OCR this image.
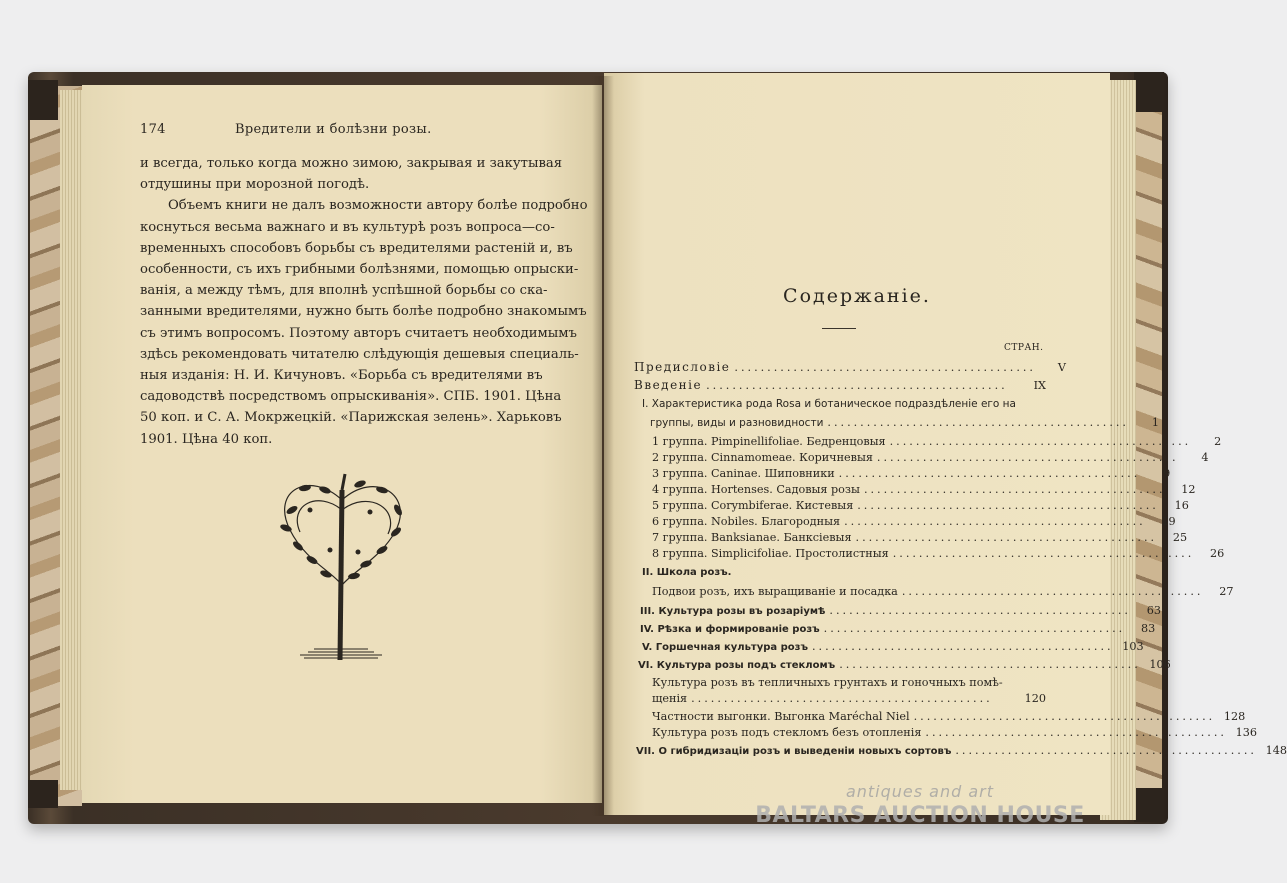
174	Вредители и болѣзни розы.
и всегда, только когда можно зимою, закрывая и закутывая
отдушины при морозной погодѣ.
Объемъ книги не далъ возможности автору болѣе подробно
коснуться весьма важнаго и въ культурѣ розъ вопроса—со-
временныхъ способовъ борьбы съ вредителями растеній и, въ
особенности, съ ихъ грибными болѣзнями, помощью опрыски-
ванія, а между тѣмъ, для вполнѣ успѣшной борьбы со ска-
занными вредителями, нужно быть болѣе подробно знакомымъ
съ этимъ вопросомъ. Поэтому авторъ считаетъ необходимымъ
здѣсь рекомендовать читателю слѣдующія дешевыя специаль-
ныя изданія: Н. И. Кичуновъ. «Борьба съ вредителями въ
садоводствѣ посредствомъ опрыскиванія». СПБ. 1901. Цѣна
50 коп. и С. А. Мокржецкій. «Парижская зелень». Харьковъ
1901. Цѣна 40 коп.
Содержаніе.
СТРАН.
Предисловіе ..............................................	V
Введеніе ..............................................	IX
I. Характеристика рода Rosa и ботаническое подраздѣленіе его на
группы, виды и разновидности ..............................................	1
1 группа. Pimpinellifoliae. Бедренцовыя ..............................................	2
2 группа. Cinnamomeae. Коричневыя ..............................................	4
3 группа. Caninae. Шиповники ..............................................	9
4 группа. Hortenses. Садовыя розы ..............................................	12
5 группа. Corymbiferae. Кистевыя ..............................................	16
6 группа. Nobiles. Благородныя ..............................................	19
7 группа. Banksianae. Банксіевыя ..............................................	25
8 группа. Simplicifoliae. Простолистныя ..............................................	26
II. Школа розъ.
Подвои розъ, ихъ выращиваніе и посадка ..............................................	27
III. Культура розы въ розаріумѣ ..............................................	63
IV. Рѣзка и формированіе розъ ..............................................	83
V. Горшечная культура розъ .............................................. 103
VI. Культура розы подъ стекломъ .............................................. 106
Культура розъ въ тепличныхъ грунтахъ и гоночныхъ помѣ-
щенія ..............................................	120
Частности выгонки. Выгонка Maréchal Niel .............................................. 128
Культура розъ подъ стекломъ безъ отопленія .............................................. 136
VII. О гибридизаціи розъ и выведеніи новыхъ сортовъ .............................................. 148
antiques and art
BALTARS AUCTION HOUSE
